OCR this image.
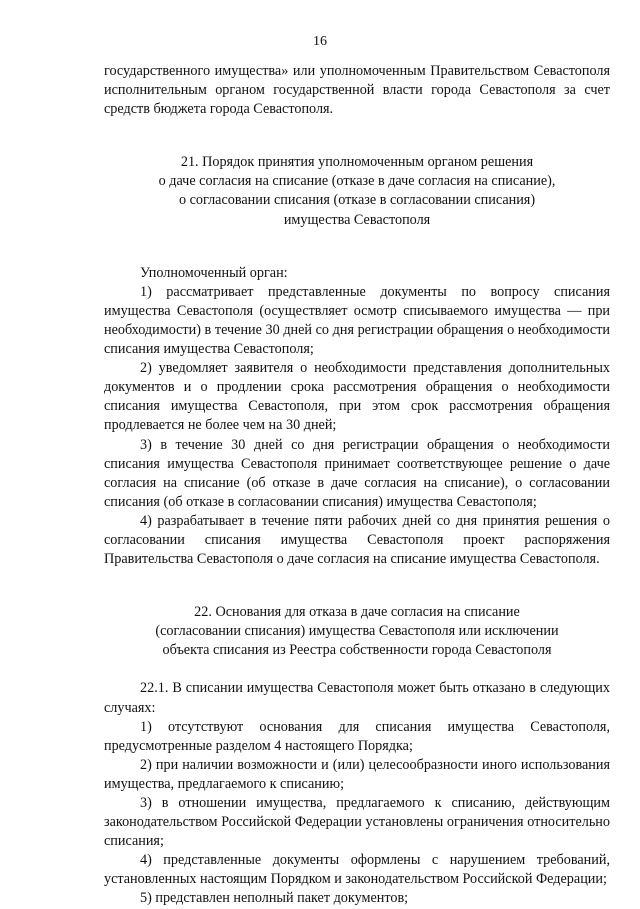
16

государственного имущества» или уполномоченным Правительством Севастополя исполнительным органом государственной власти города Севастополя за счет средств бюджета города Севастополя.

21. Порядок принятия уполномоченным органом решения
о даче согласия на списание (отказе в даче согласия на списание),
о согласовании списания (отказе в согласовании списания)
имущества Севастополя

Уполномоченный орган:

1) рассматривает представленные документы по вопросу списания имущества Севастополя (осуществляет осмотр списываемого имущества — при необходимости) в течение 30 дней со дня регистрации обращения о необходимости списания имущества Севастополя;

2) уведомляет заявителя о необходимости представления дополнительных документов и о продлении срока рассмотрения обращения о необходимости списания имущества Севастополя, при этом срок рассмотрения обращения продлевается не более чем на 30 дней;

3) в течение 30 дней со дня регистрации обращения о необходимости списания имущества Севастополя принимает соответствующее решение о даче согласия на списание (об отказе в даче согласия на списание), о согласовании списания (об отказе в согласовании списания) имущества Севастополя;

4) разрабатывает в течение пяти рабочих дней со дня принятия решения о согласовании списания имущества Севастополя проект распоряжения Правительства Севастополя о даче согласия на списание имущества Севастополя.

22. Основания для отказа в даче согласия на списание
(согласовании списания) имущества Севастополя или исключении
объекта списания из Реестра собственности города Севастополя

22.1. В списании имущества Севастополя может быть отказано в следующих случаях:

1) отсутствуют основания для списания имущества Севастополя, предусмотренные разделом 4 настоящего Порядка;

2) при наличии возможности и (или) целесообразности иного использования имущества, предлагаемого к списанию;

3) в отношении имущества, предлагаемого к списанию, действующим законодательством Российской Федерации установлены ограничения относительно списания;

4) представленные документы оформлены с нарушением требований, установленных настоящим Порядком и законодательством Российской Федерации;

5) представлен неполный пакет документов;
